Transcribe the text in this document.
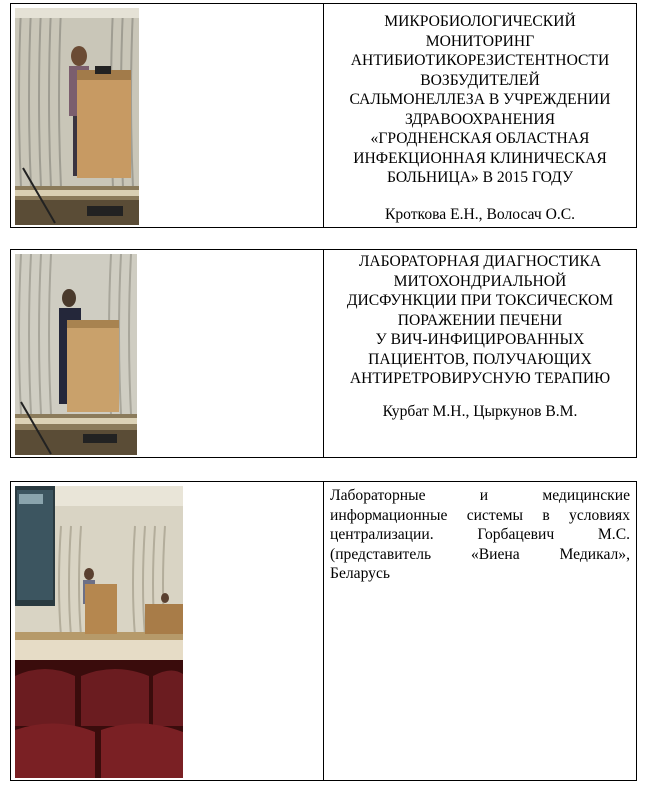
МИКРОБИОЛОГИЧЕСКИЙ
МОНИТОРИНГ
АНТИБИОТИКОРЕЗИСТЕНТНОСТИ
ВОЗБУДИТЕЛЕЙ
САЛЬМОНЕЛЛЕЗА В УЧРЕЖДЕНИИ
ЗДРАВООХРАНЕНИЯ
«ГРОДНЕНСКАЯ ОБЛАСТНАЯ
ИНФЕКЦИОННАЯ КЛИНИЧЕСКАЯ
БОЛЬНИЦА» В 2015 ГОДУ
Кроткова Е.Н., Волосач О.С.
ЛАБОРАТОРНАЯ ДИАГНОСТИКА
МИТОХОНДРИАЛЬНОЙ
ДИСФУНКЦИИ ПРИ ТОКСИЧЕСКОМ
ПОРАЖЕНИИ ПЕЧЕНИ
У ВИЧ-ИНФИЦИРОВАННЫХ
ПАЦИЕНТОВ, ПОЛУЧАЮЩИХ
АНТИРЕТРОВИРУСНУЮ ТЕРАПИЮ
Курбат М.Н., Цыркунов В.М.
Лабораторные и медицинские
информационные системы в условиях
централизации. Горбацевич М.С.
(представитель «Виена Медикал»,
Беларусь
